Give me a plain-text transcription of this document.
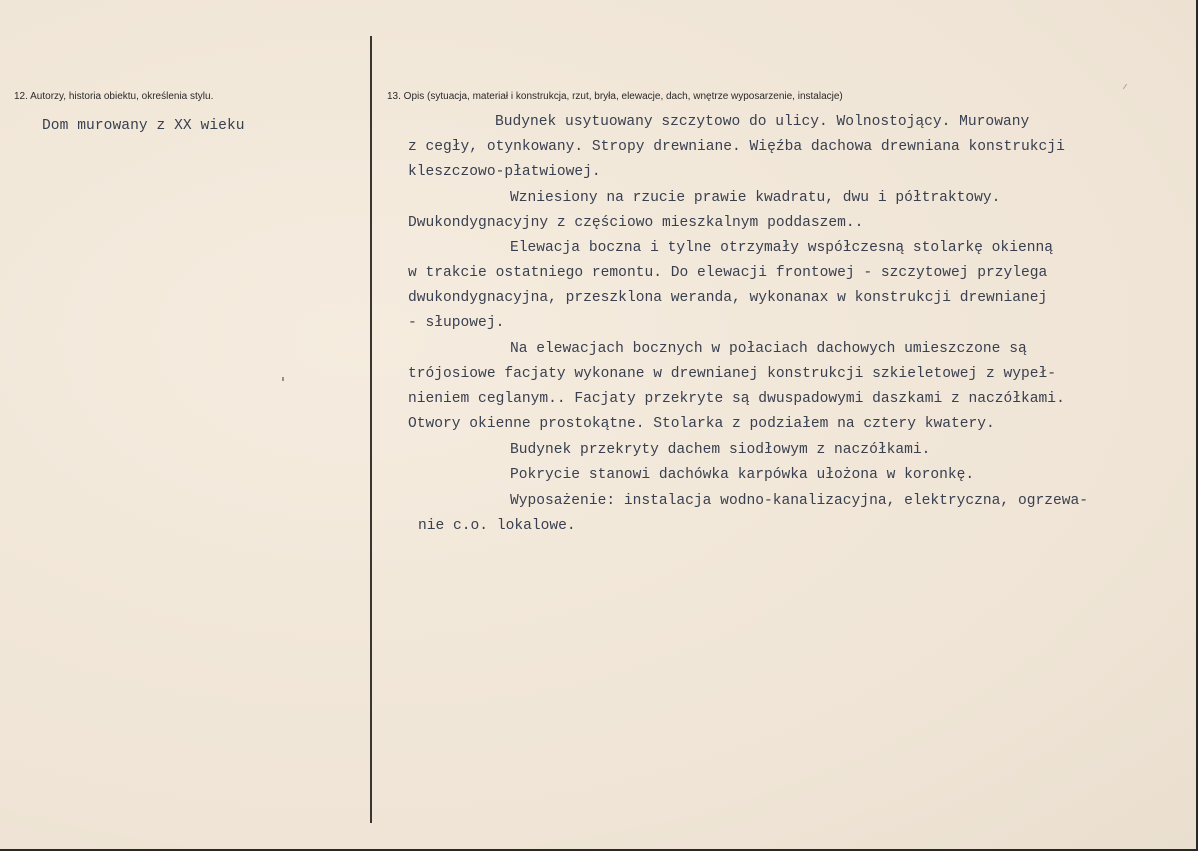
12. Autorzy, historia obiektu, określenia stylu.	13. Opis (sytuacja, materiał i konstrukcja, rzut, bryła, elewacje, dach, wnętrze wyposarzenie, instalacje)
Dom murowany z XX wieku	Budynek usytuowany szczytowo do ulicy. Wolnostojący. Murowany
z cegły, otynkowany. Stropy drewniane. Więźba dachowa drewniana konstrukcji
kleszczowo-płatwiowej.
Wzniesiony na rzucie prawie kwadratu, dwu i półtraktowy.
Dwukondygnacyjny z częściowo mieszkalnym poddaszem..
Elewacja boczna i tylne otrzymały współczesną stolarkę okienną
w trakcie ostatniego remontu. Do elewacji frontowej - szczytowej przylega
dwukondygnacyjna, przeszklona weranda, wykonanax w konstrukcji drewnianej
- słupowej.
Na elewacjach bocznych w połaciach dachowych umieszczone są
trójosiowe facjaty wykonane w drewnianej konstrukcji szkieletowej z wypeł-
nieniem ceglanym.. Facjaty przekryte są dwuspadowymi daszkami z naczółkami.
Otwory okienne prostokątne. Stolarka z podziałem na cztery kwatery.
Budynek przekryty dachem siodłowym z naczółkami.
Pokrycie stanowi dachówka karpówka ułożona w koronkę.
Wyposażenie: instalacja wodno-kanalizacyjna, elektryczna, ogrzewa-
nie c.o. lokalowe.
